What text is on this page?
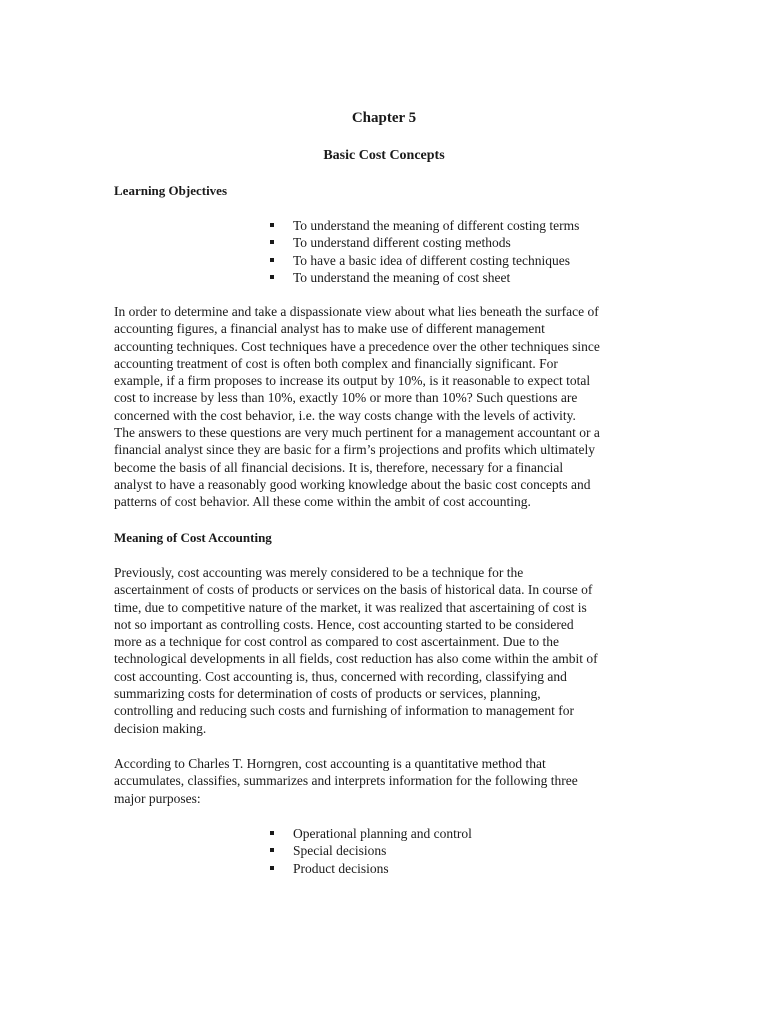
Chapter 5
Basic Cost Concepts
Learning Objectives
To understand the meaning of different costing terms
To understand different costing methods
To have a basic idea of different costing techniques
To understand the meaning of cost sheet

In order to determine and take a dispassionate view about what lies beneath the surface of
accounting figures, a financial analyst has to make use of different management
accounting techniques. Cost techniques have a precedence over the other techniques since
accounting treatment of cost is often both complex and financially significant. For
example, if a firm proposes to increase its output by 10%, is it reasonable to expect total
cost to increase by less than 10%, exactly 10% or more than 10%? Such questions are
concerned with the cost behavior, i.e. the way costs change with the levels of activity.
The answers to these questions are very much pertinent for a management accountant or a
financial analyst since they are basic for a firm’s projections and profits which ultimately
become the basis of all financial decisions. It is, therefore, necessary for a financial
analyst to have a reasonably good working knowledge about the basic cost concepts and
patterns of cost behavior. All these come within the ambit of cost accounting.

Meaning of Cost Accounting

Previously, cost accounting was merely considered to be a technique for the
ascertainment of costs of products or services on the basis of historical data. In course of
time, due to competitive nature of the market, it was realized that ascertaining of cost is
not so important as controlling costs. Hence, cost accounting started to be considered
more as a technique for cost control as compared to cost ascertainment. Due to the
technological developments in all fields, cost reduction has also come within the ambit of
cost accounting. Cost accounting is, thus, concerned with recording, classifying and
summarizing costs for determination of costs of products or services, planning,
controlling and reducing such costs and furnishing of information to management for
decision making.

According to Charles T. Horngren, cost accounting is a quantitative method that
accumulates, classifies, summarizes and interprets information for the following three
major purposes:

Operational planning and control
Special decisions
Product decisions
